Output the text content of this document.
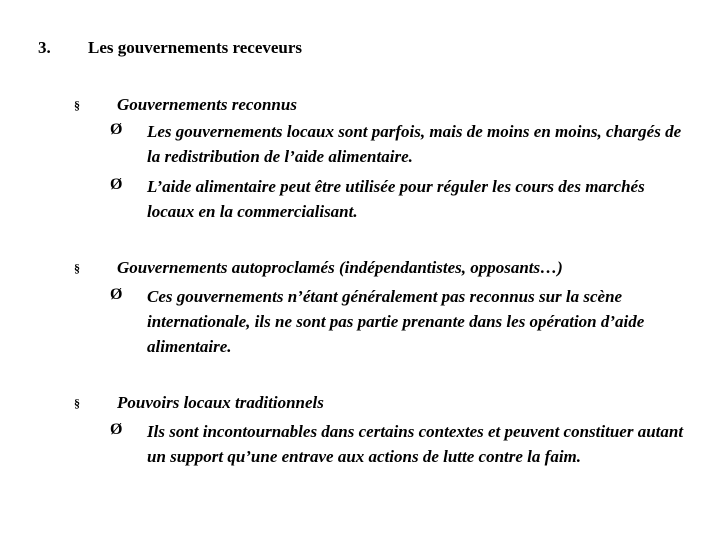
3. Les gouvernements receveurs
§ Gouvernements reconnus
Ø Les gouvernements locaux sont parfois, mais de moins en moins, chargés de la redistribution de l’aide alimentaire.
Ø L’aide alimentaire peut être utilisée pour réguler les cours des marchés locaux en la commercialisant.
§ Gouvernements autoproclamés (indépendantistes, opposants…)
Ø Ces gouvernements n’étant généralement pas reconnus sur la scène internationale, ils ne sont pas partie prenante dans les opération d’aide alimentaire.
§ Pouvoirs locaux traditionnels
Ø Ils sont incontournables dans certains contextes et peuvent constituer autant un support qu’une entrave aux actions de lutte contre la faim.
